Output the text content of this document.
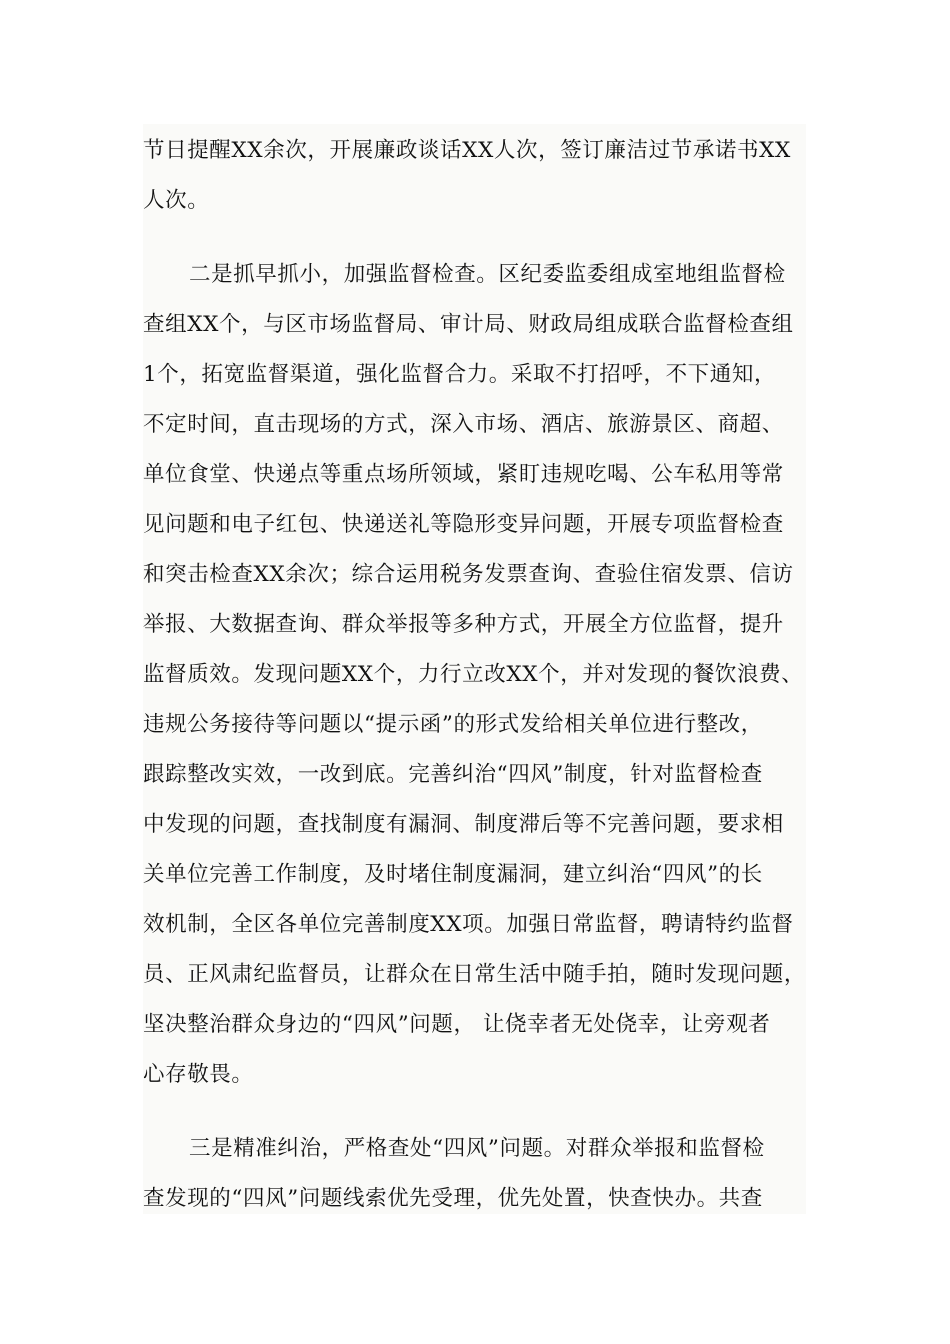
节日提醒XX余次，开展廉政谈话XX人次，签订廉洁过节承诺书XX
人次。
二是抓早抓小，加强监督检查。区纪委监委组成室地组监督检
查组XX个，与区市场监督局、审计局、财政局组成联合监督检查组
1个，拓宽监督渠道，强化监督合力。采取不打招呼，不下通知，
不定时间，直击现场的方式，深入市场、酒店、旅游景区、商超、
单位食堂、快递点等重点场所领域，紧盯违规吃喝、公车私用等常
见问题和电子红包、快递送礼等隐形变异问题，开展专项监督检查
和突击检查XX余次；综合运用税务发票查询、查验住宿发票、信访
举报、大数据查询、群众举报等多种方式，开展全方位监督，提升
监督质效。发现问题XX个，力行立改XX个，并对发现的餐饮浪费、
违规公务接待等问题以“提示函”的形式发给相关单位进行整改，
跟踪整改实效，一改到底。完善纠治“四风”制度，针对监督检查
中发现的问题，查找制度有漏洞、制度滞后等不完善问题，要求相
关单位完善工作制度，及时堵住制度漏洞，建立纠治“四风”的长
效机制，全区各单位完善制度XX项。加强日常监督，聘请特约监督
员、正风肃纪监督员，让群众在日常生活中随手拍，随时发现问题，
坚决整治群众身边的“四风”问题， 让侥幸者无处侥幸，让旁观者
心存敬畏。
三是精准纠治，严格查处“四风”问题。对群众举报和监督检
查发现的“四风”问题线索优先受理，优先处置，快查快办。共查
